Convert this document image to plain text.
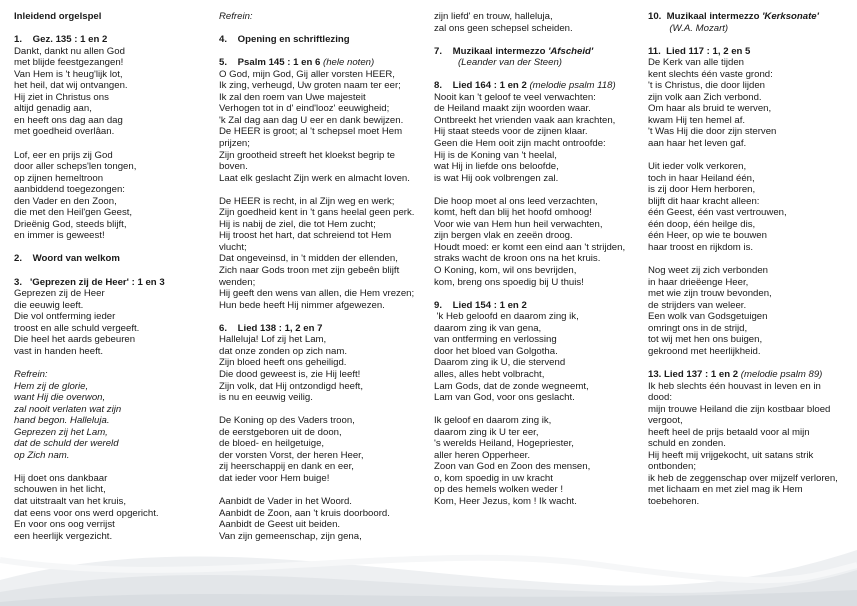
Inleidend orgelspel
1.    Gez. 135 : 1 en 2
Dankt, dankt nu allen God
met blijde feestgezangen!
Van Hem is 't heug'lijk lot,
het heil, dat wij ontvangen.
Hij ziet in Christus ons
altijd genadig aan,
en heeft ons dag aan dag
met goedheid overlâan.
Lof, eer en prijs zij God
door aller scheps'len tongen,
op zijnen hemeltroon
aanbiddend toegezongen:
den Vader en den Zoon,
die met den Heil'gen Geest,
Drieënig God, steeds blijft,
en immer is geweest!
2.    Woord van welkom
3.   'Geprezen zij de Heer' : 1 en 3
Geprezen zij de Heer
die eeuwig leeft.
Die vol ontferming ieder
troost en alle schuld vergeeft.
Die heel het aards gebeuren
vast in handen heeft.
Refrein:
Hem zij de glorie,
want Hij die overwon,
zal nooit verlaten wat zijn
hand begon. Halleluja.
Geprezen zij het Lam,
dat de schuld der wereld
op Zich nam.
Hij doet ons dankbaar
schouwen in het licht,
dat uitstraalt van het kruis,
dat eens voor ons werd opgericht.
En voor ons oog verrijst
een heerlijk vergezicht.
Refrein:
4.    Opening en schriftlezing
5.    Psalm 145 : 1 en 6 (hele noten)
O God, mijn God, Gij aller vorsten HEER,
Ik zing, verheugd, Uw groten naam ter eer;
Ik zal den roem van Uwe majesteit
Verhogen tot in d' eind'looz' eeuwigheid;
'k Zal dag aan dag U eer en dank bewijzen.
De HEER is groot; al 't schepsel moet Hem
prijzen;
Zijn grootheid streeft het kloekst begrip te
boven.
Laat elk geslacht Zijn werk en almacht loven.
De HEER is recht, in al Zijn weg en werk;
Zijn goedheid kent in 't gans heelal geen perk.
Hij is nabij de ziel, die tot Hem zucht;
Hij troost het hart, dat schreiend tot Hem
vlucht;
Dat ongeveinsd, in 't midden der ellenden,
Zich naar Gods troon met zijn gebeên blijft
wenden;
Hij geeft den wens van allen, die Hem vrezen;
Hun bede heeft Hij nimmer afgewezen.
6.    Lied 138 : 1, 2 en 7
Halleluja! Lof zij het Lam,
dat onze zonden op zich nam.
Zijn bloed heeft ons geheiligd.
Die dood geweest is, zie Hij leeft!
Zijn volk, dat Hij ontzondigd heeft,
is nu en eeuwig veilig.
De Koning op des Vaders troon,
de eerstgeboren uit de doon,
de bloed- en heilgetuige,
der vorsten Vorst, der heren Heer,
zij heerschappij en dank en eer,
dat ieder voor Hem buige!
Aanbidt de Vader in het Woord.
Aanbidt de Zoon, aan 't kruis doorboord.
Aanbidt de Geest uit beiden.
Van zijn gemeenschap, zijn gena,
zijn liefd' en trouw, halleluja,
zal ons geen schepsel scheiden.
7.    Muzikaal intermezzo 'Afscheid'
(Leander van der Steen)
8.    Lied 164 : 1 en 2 (melodie psalm 118)
Nooit kan 't geloof te veel verwachten:
de Heiland maakt zijn woorden waar.
Ontbreekt het vrienden vaak aan krachten,
Hij staat steeds voor de zijnen klaar.
Geen die Hem ooit zijn macht ontroofde:
Hij is de Koning van 't heelal,
wat Hij in liefde ons beloofde,
is wat Hij ook volbrengen zal.
Die hoop moet al ons leed verzachten,
komt, heft dan blij het hoofd omhoog!
Voor wie van Hem hun heil verwachten,
zijn bergen vlak en zeeën droog.
Houdt moed: er komt een eind aan 't strijden,
straks wacht de kroon ons na het kruis.
O Koning, kom, wil ons bevrijden,
kom, breng ons spoedig bij U thuis!
9.    Lied 154 : 1 en 2
'k Heb geloofd en daarom zing ik,
daarom zing ik van gena,
van ontferming en verlossing
door het bloed van Golgotha.
Daarom zing ik U, die stervend
alles, alles hebt volbracht,
Lam Gods, dat de zonde wegneemt,
Lam van God, voor ons geslacht.
Ik geloof en daarom zing ik,
daarom zing ik U ter eer,
's werelds Heiland, Hogepriester,
aller heren Opperheer.
Zoon van God en Zoon des mensen,
o, kom spoedig in uw kracht
op des hemels wolken weder !
Kom, Heer Jezus, kom ! Ik wacht.
10.  Muzikaal intermezzo 'Kerksonate'
(W.A. Mozart)
11.  Lied 117 : 1, 2 en 5
De Kerk van alle tijden
kent slechts één vaste grond:
't is Christus, die door lijden
zijn volk aan Zich verbond.
Om haar als bruid te werven,
kwam Hij ten hemel af.
't Was Hij die door zijn sterven
aan haar het leven gaf.
Uit ieder volk verkoren,
toch in haar Heiland één,
is zij door Hem herboren,
blijft dit haar kracht alleen:
één Geest, één vast vertrouwen,
één doop, één heilge dis,
één Heer, op wie te bouwen
haar troost en rijkdom is.
Nog weet zij zich verbonden
in haar drieëenge Heer,
met wie zijn trouw bevonden,
de strijders van weleer.
Een wolk van Godsgetuigen
omringt ons in de strijd,
tot wij met hen ons buigen,
gekroond met heerlijkheid.
13. Lied 137 : 1 en 2 (melodie psalm 89)
Ik heb slechts één houvast in leven en in
dood:
mijn trouwe Heiland die zijn kostbaar bloed
vergoot,
heeft heel de prijs betaald voor al mijn
schuld en zonden.
Hij heeft mij vrijgekocht, uit satans strik
ontbonden;
ik heb de zeggenschap over mijzelf verloren,
met lichaam en met ziel mag ik Hem
toebehoren.
